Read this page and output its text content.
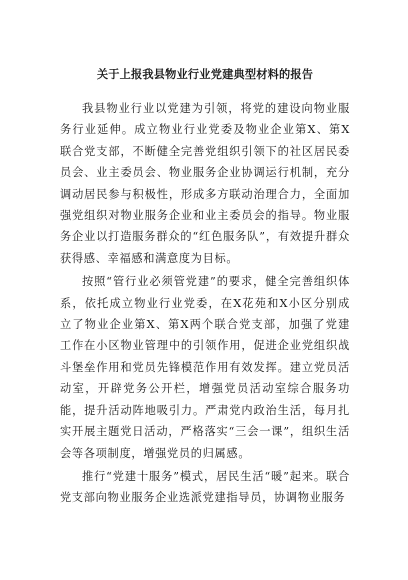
关于上报我县物业行业党建典型材料的报告

我县物业行业以党建为引领，将党的建设向物业服务行业延伸。成立物业行业党委及物业企业第X、第X联合党支部，不断健全完善党组织引领下的社区居民委员会、业主委员会、物业服务企业协调运行机制，充分调动居民参与积极性，形成多方联动治理合力，全面加强党组织对物业服务企业和业主委员会的指导。物业服务企业以打造服务群众的“红色服务队”，有效提升群众获得感、幸福感和满意度为目标。

按照“管行业必须管党建”的要求，健全完善组织体系，依托成立物业行业党委，在X花苑和X小区分别成立了物业企业第X、第X两个联合党支部，加强了党建工作在小区物业管理中的引领作用，促进企业党组织战斗堡垒作用和党员先锋模范作用有效发挥。建立党员活动室，开辟党务公开栏，增强党员活动室综合服务功能，提升活动阵地吸引力。严肃党内政治生活，每月扎实开展主题党日活动，严格落实“三会一课”，组织生活会等各项制度，增强党员的归属感。

推行“党建十服务”模式，居民生活“暖”起来。联合党支部向物业服务企业选派党建指导员，协调物业服务
